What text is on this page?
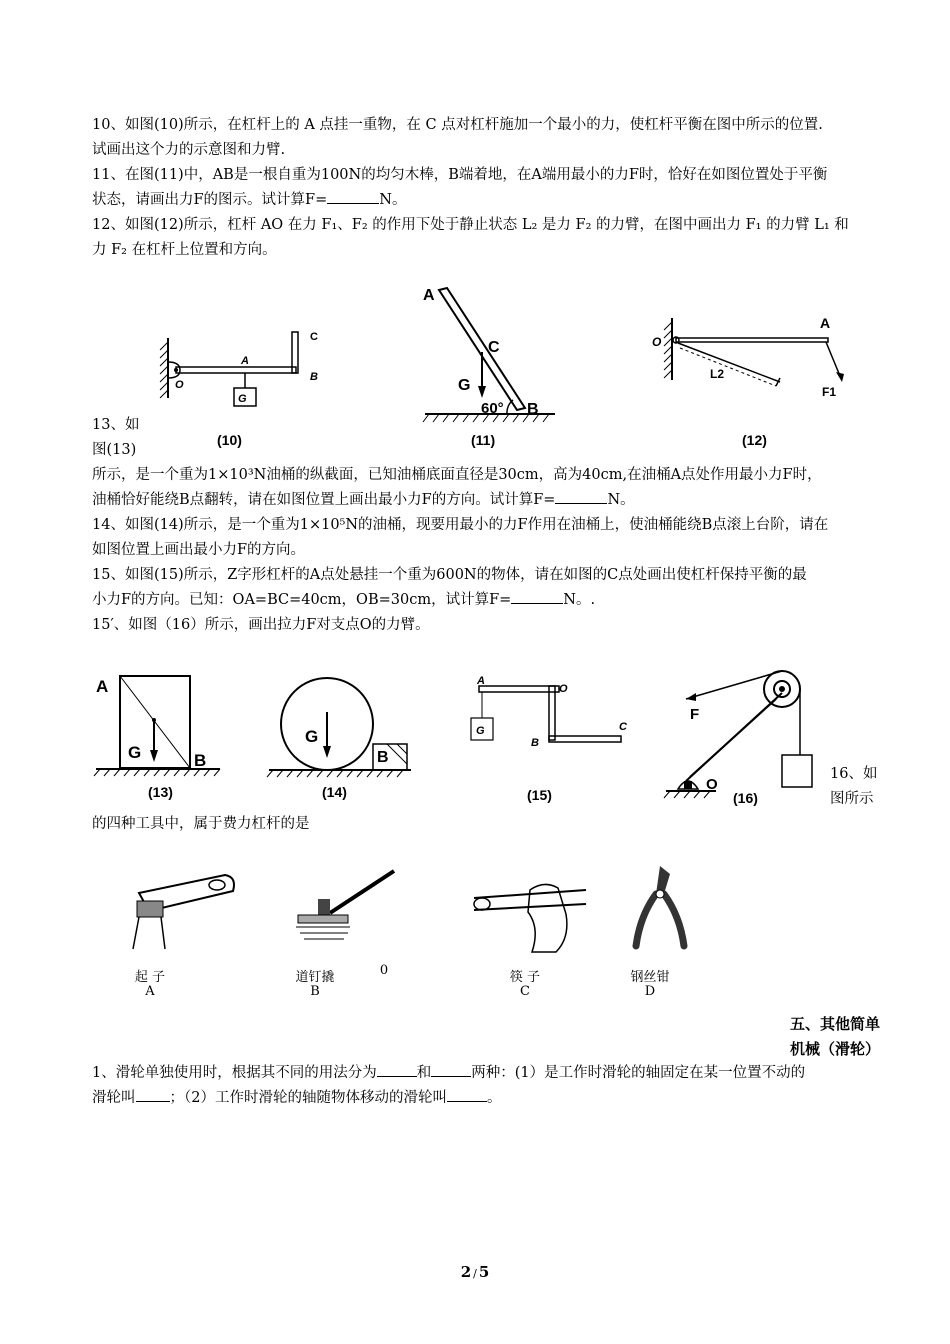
10、如图(10)所示，在杠杆上的 A 点挂一重物，在 C 点对杠杆施加一个最小的力，使杠杆平衡在图中所示的位置.
试画出这个力的示意图和力臂.
11、在图(11)中，AB是一根自重为100N的均匀木棒，B端着地，在A端用最小的力F时，恰好在如图位置处于平衡
状态，请画出力F的图示。试计算F=	N。
12、如图(12)所示，杠杆 AO 在力 F₁、F₂ 的作用下处于静止状态 L₂ 是力 F₂ 的力臂，在图中画出力 F₁ 的力臂 L₁ 和
力 F₂ 在杠杆上位置和方向。
G
A
O
B
C
(10)
A
C
G
60° B
(11)
O
A
L2
F1
(12)
13、如
图(13)
所示，是一个重为1×10³N油桶的纵截面，已知油桶底面直径是30cm，高为40cm,在油桶A点处作用最小力F时，
油桶恰好能绕B点翻转，请在如图位置上画出最小力F的方向。试计算F=	N。
14、如图(14)所示，是一个重为1×10⁵N的油桶，现要用最小的力F作用在油桶上，使油桶能绕B点滚上台阶，请在
如图位置上画出最小力F的方向。
15、如图(15)所示，Z字形杠杆的A点处悬挂一个重为600N的物体，请在如图的C点处画出使杠杆保持平衡的最
小力F的方向。已知：OA=BC=40cm，OB=30cm，试计算F=	N。.
15′、如图（16）所示，画出拉力F对支点O的力臂。
A
G	B
(13)
G
B
(14)
G
A
O
B
C
(15)
F
O
(16)
16、如
图所示
的四种工具中，属于费力杠杆的是
起 子
A
道钉撬
B
0	筷 子
C
钢丝钳
D
五、其他简单
机械（滑轮）
1、滑轮单独使用时，根据其不同的用法分为	和	两种：(1）是工作时滑轮的轴固定在某一位置不动的
滑轮叫 ；（2）工作时滑轮的轴随物体移动的滑轮叫	。
2 / 5
